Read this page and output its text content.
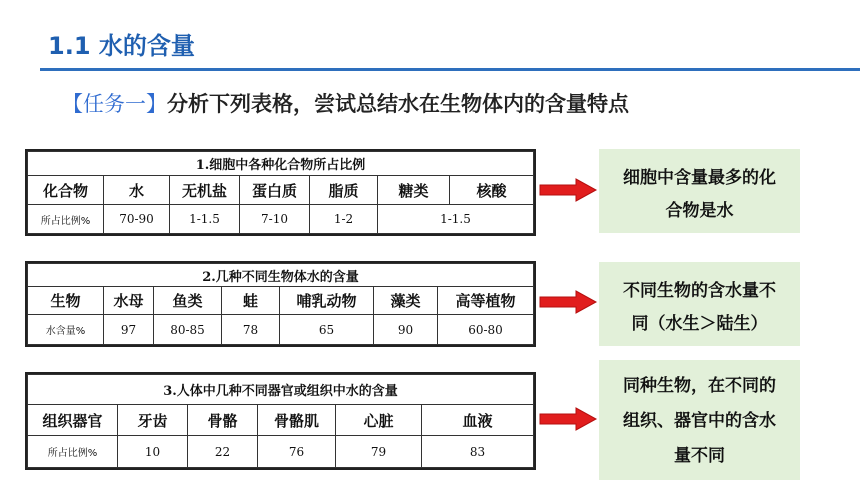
1.1 水的含量
【任务一】分析下列表格，尝试总结水在生物体内的含量特点
1.细胞中各种化合物所占比例						
化合物	水	无机盐	蛋白质	脂质	糖类	核酸
所占比例%	70-90	1-1.5	7-10	1-2	1-1.5	
2.几种不同生物体水的含量						
生物	水母	鱼类	蛙	哺乳动物	藻类	高等植物
水含量%	97	80-85	78	65	90	60-80
3.人体中几种不同器官或组织中水的含量					
组织器官	牙齿	骨骼	骨骼肌	心脏	血液
所占比例%	10	22	76	79	83
细胞中含量最多的化
合物是水
不同生物的含水量不
同（水生＞陆生）
同种生物，在不同的
组织、器官中的含水
量不同
